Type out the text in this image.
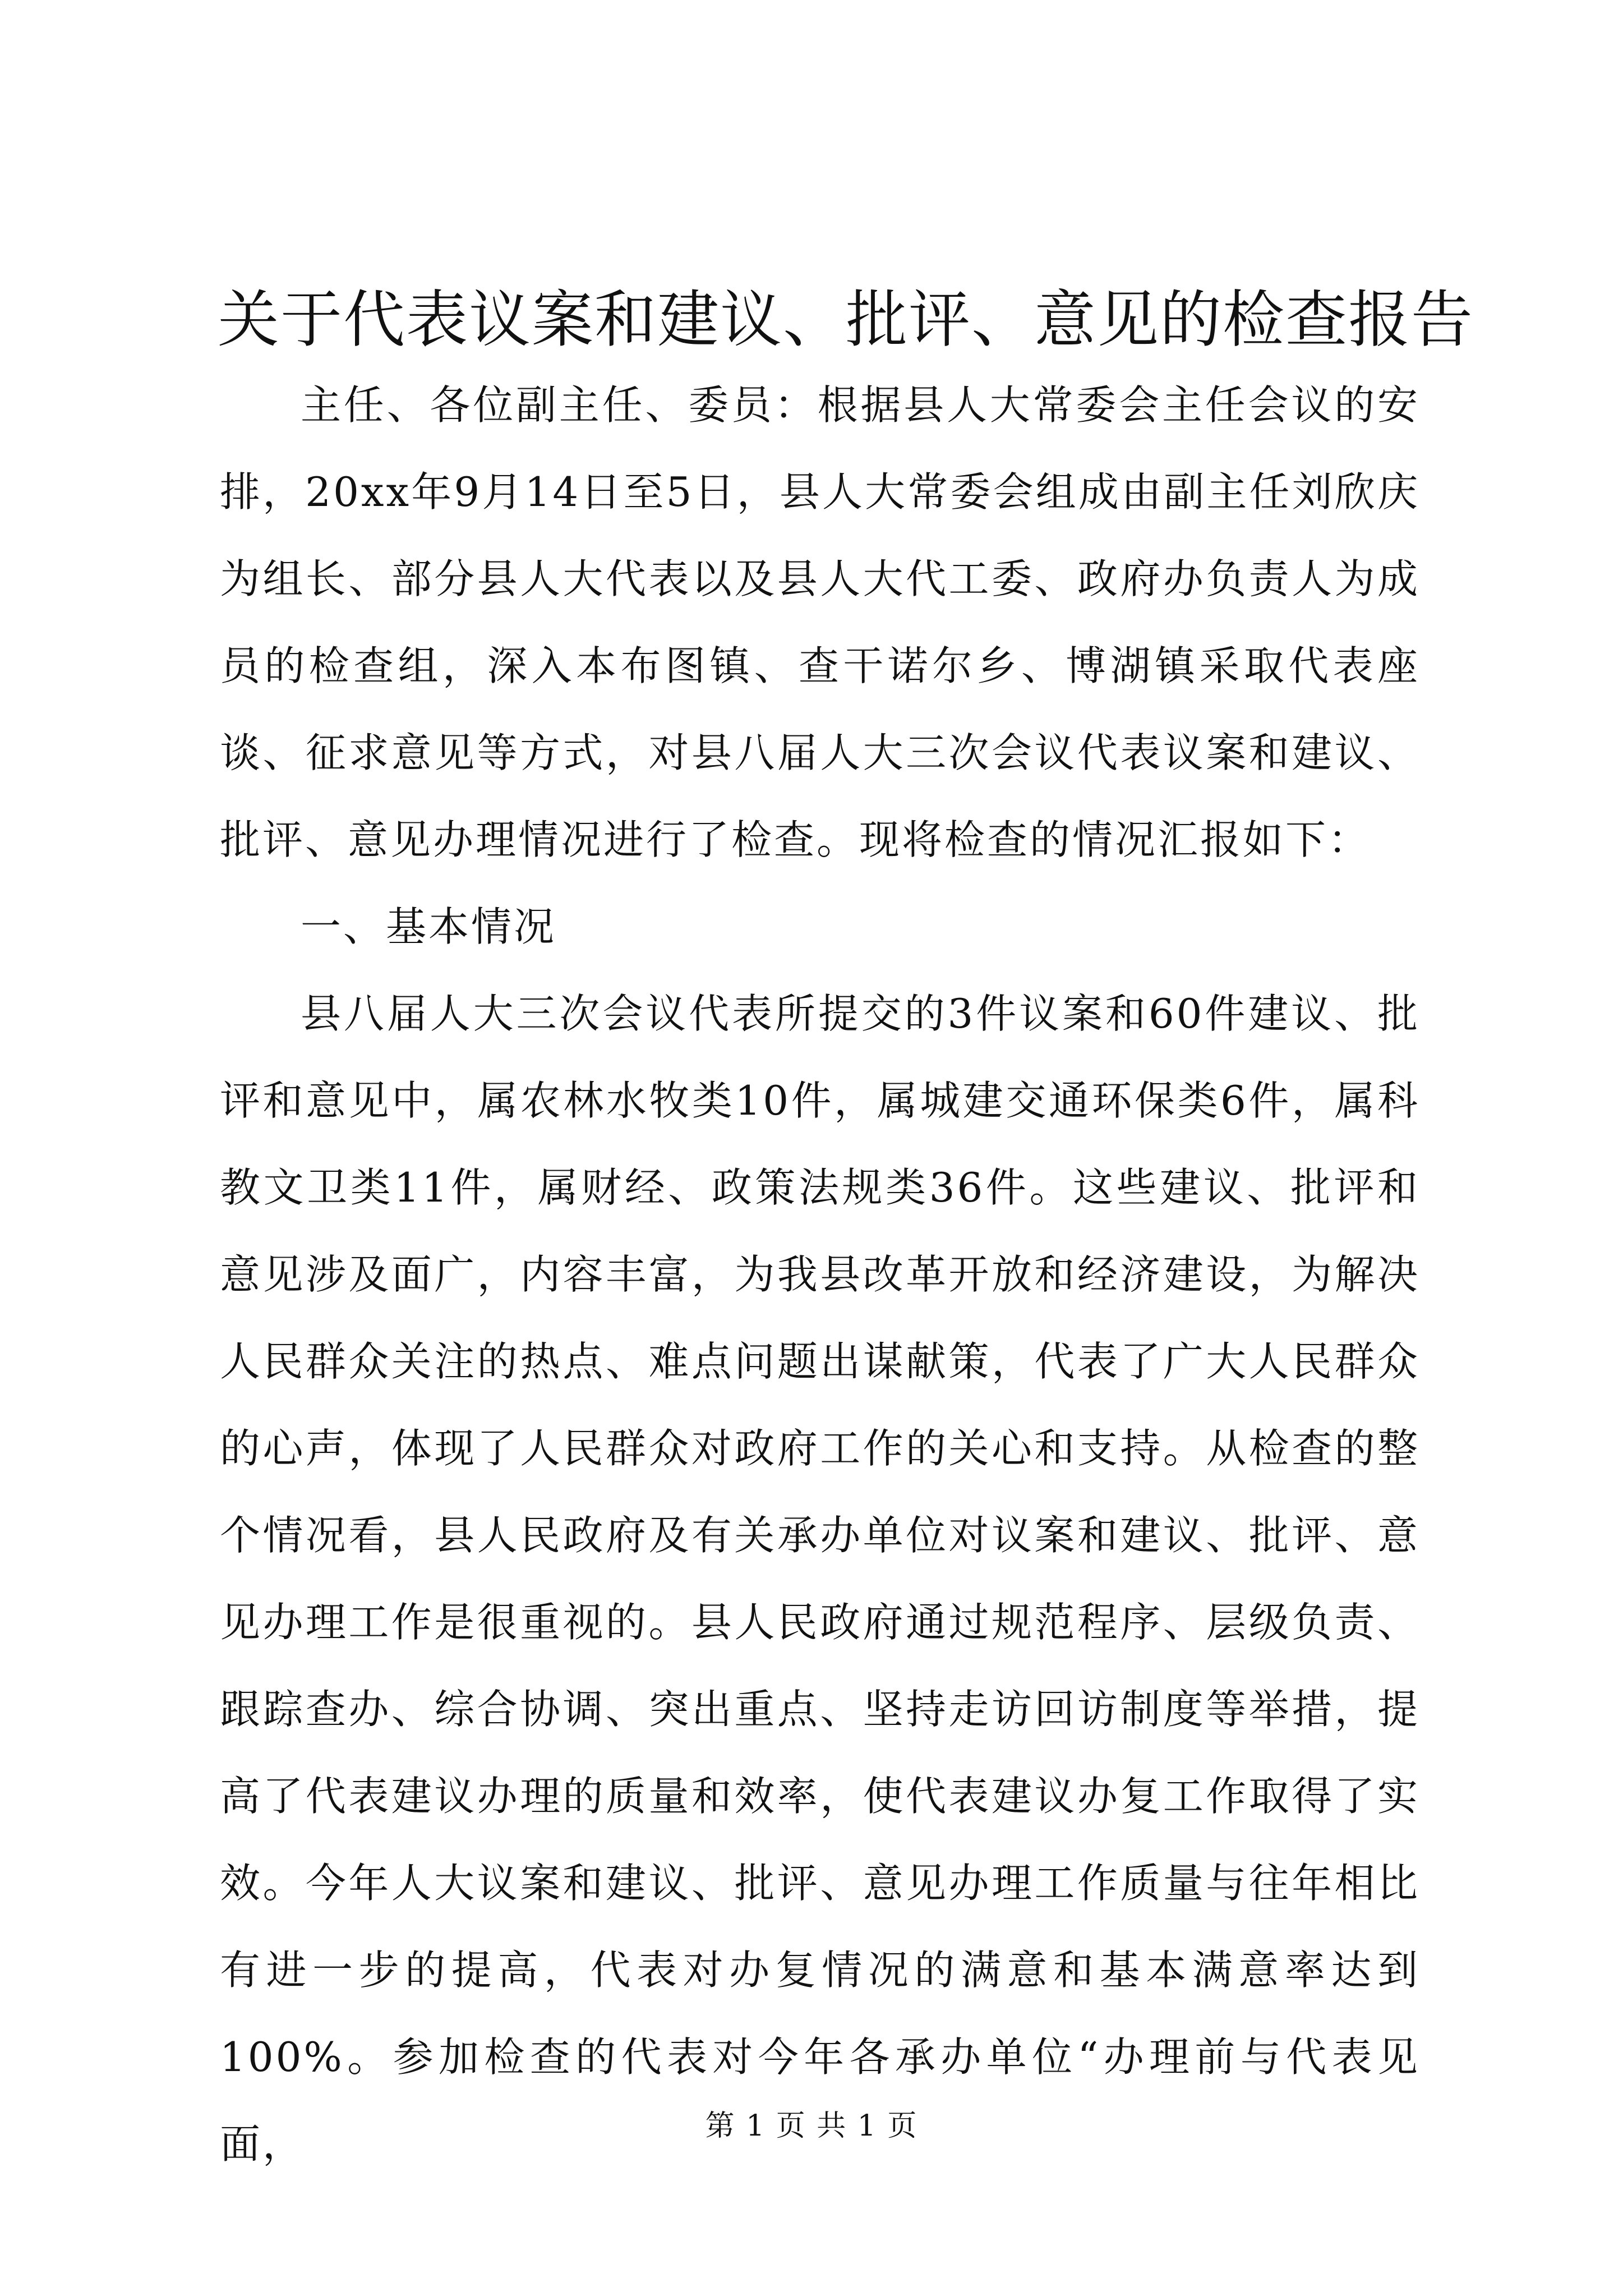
关于代表议案和建议、批评、意见的检查报告

主任、各位副主任、委员：根据县人大常委会主任会议的安排，20xx年9月14日至5日，县人大常委会组成由副主任刘欣庆为组长、部分县人大代表以及县人大代工委、政府办负责人为成员的检查组，深入本布图镇、查干诺尔乡、博湖镇采取代表座谈、征求意见等方式，对县八届人大三次会议代表议案和建议、批评、意见办理情况进行了检查。现将检查的情况汇报如下：

一、基本情况

县八届人大三次会议代表所提交的3件议案和60件建议、批评和意见中，属农林水牧类10件，属城建交通环保类6件，属科教文卫类11件，属财经、政策法规类36件。这些建议、批评和意见涉及面广，内容丰富，为我县改革开放和经济建设，为解决人民群众关注的热点、难点问题出谋献策，代表了广大人民群众的心声，体现了人民群众对政府工作的关心和支持。从检查的整个情况看，县人民政府及有关承办单位对议案和建议、批评、意见办理工作是很重视的。县人民政府通过规范程序、层级负责、跟踪查办、综合协调、突出重点、坚持走访回访制度等举措，提高了代表建议办理的质量和效率，使代表建议办复工作取得了实效。今年人大议案和建议、批评、意见办理工作质量与往年相比有进一步的提高，代表对办复情况的满意和基本满意率达到100%。参加检查的代表对今年各承办单位“办理前与代表见面，	第 1 页 共 1 页
